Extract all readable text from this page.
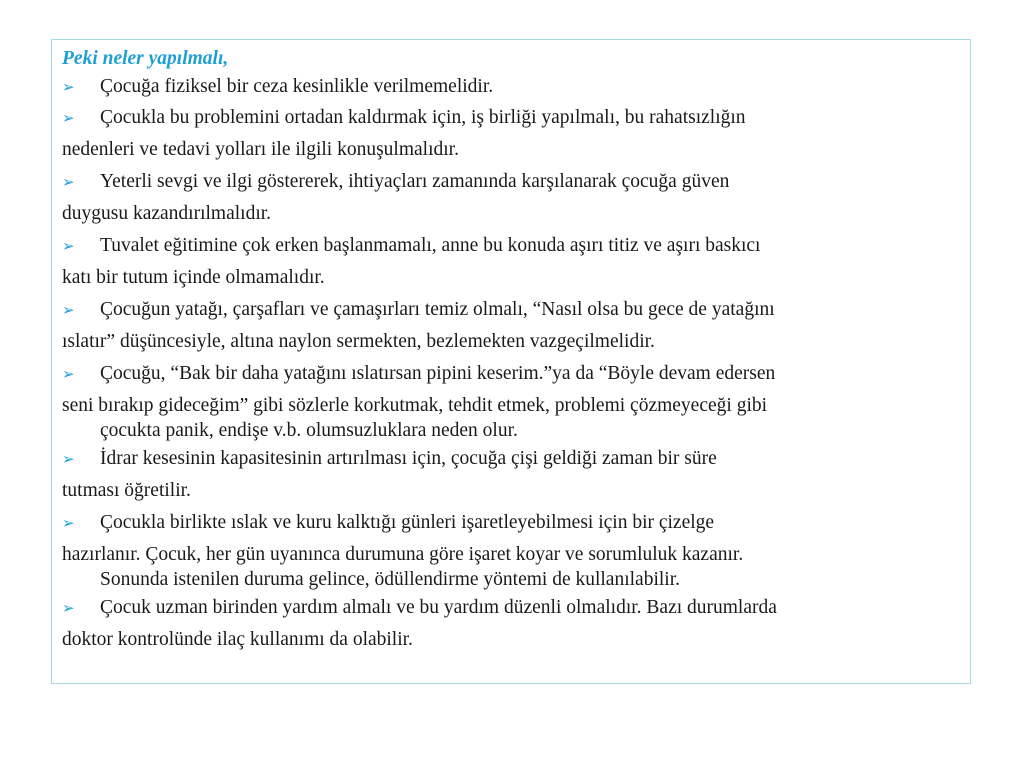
Peki neler yapılmalı,
➢	Çocuğa fiziksel bir ceza kesinlikle verilmemelidir.
➢	Çocukla bu problemini ortadan kaldırmak için, iş birliği yapılmalı, bu rahatsızlığın
nedenleri ve tedavi yolları ile ilgili konuşulmalıdır.
➢	Yeterli sevgi ve ilgi göstererek, ihtiyaçları zamanında karşılanarak çocuğa güven
duygusu kazandırılmalıdır.
➢	Tuvalet eğitimine çok erken başlanmamalı, anne bu konuda aşırı titiz ve aşırı baskıcı
katı bir tutum içinde olmamalıdır.
➢	Çocuğun yatağı, çarşafları ve çamaşırları temiz olmalı, “Nasıl olsa bu gece de yatağını
ıslatır” düşüncesiyle, altına naylon sermekten, bezlemekten vazgeçilmelidir.
➢	Çocuğu, “Bak bir daha yatağını ıslatırsan pipini keserim.”ya da “Böyle devam edersen
seni bırakıp gideceğim” gibi sözlerle korkutmak, tehdit etmek, problemi çözmeyeceği gibi
çocukta panik, endişe v.b. olumsuzluklara neden olur.
➢	İdrar kesesinin kapasitesinin artırılması için, çocuğa çişi geldiği zaman bir süre
tutması öğretilir.
➢	Çocukla birlikte ıslak ve kuru kalktığı günleri işaretleyebilmesi için bir çizelge
hazırlanır. Çocuk, her gün uyanınca durumuna göre işaret koyar ve sorumluluk kazanır.
Sonunda istenilen duruma gelince, ödüllendirme yöntemi de kullanılabilir.
➢	Çocuk uzman birinden yardım almalı ve bu yardım düzenli olmalıdır. Bazı durumlarda
doktor kontrolünde ilaç kullanımı da olabilir.
